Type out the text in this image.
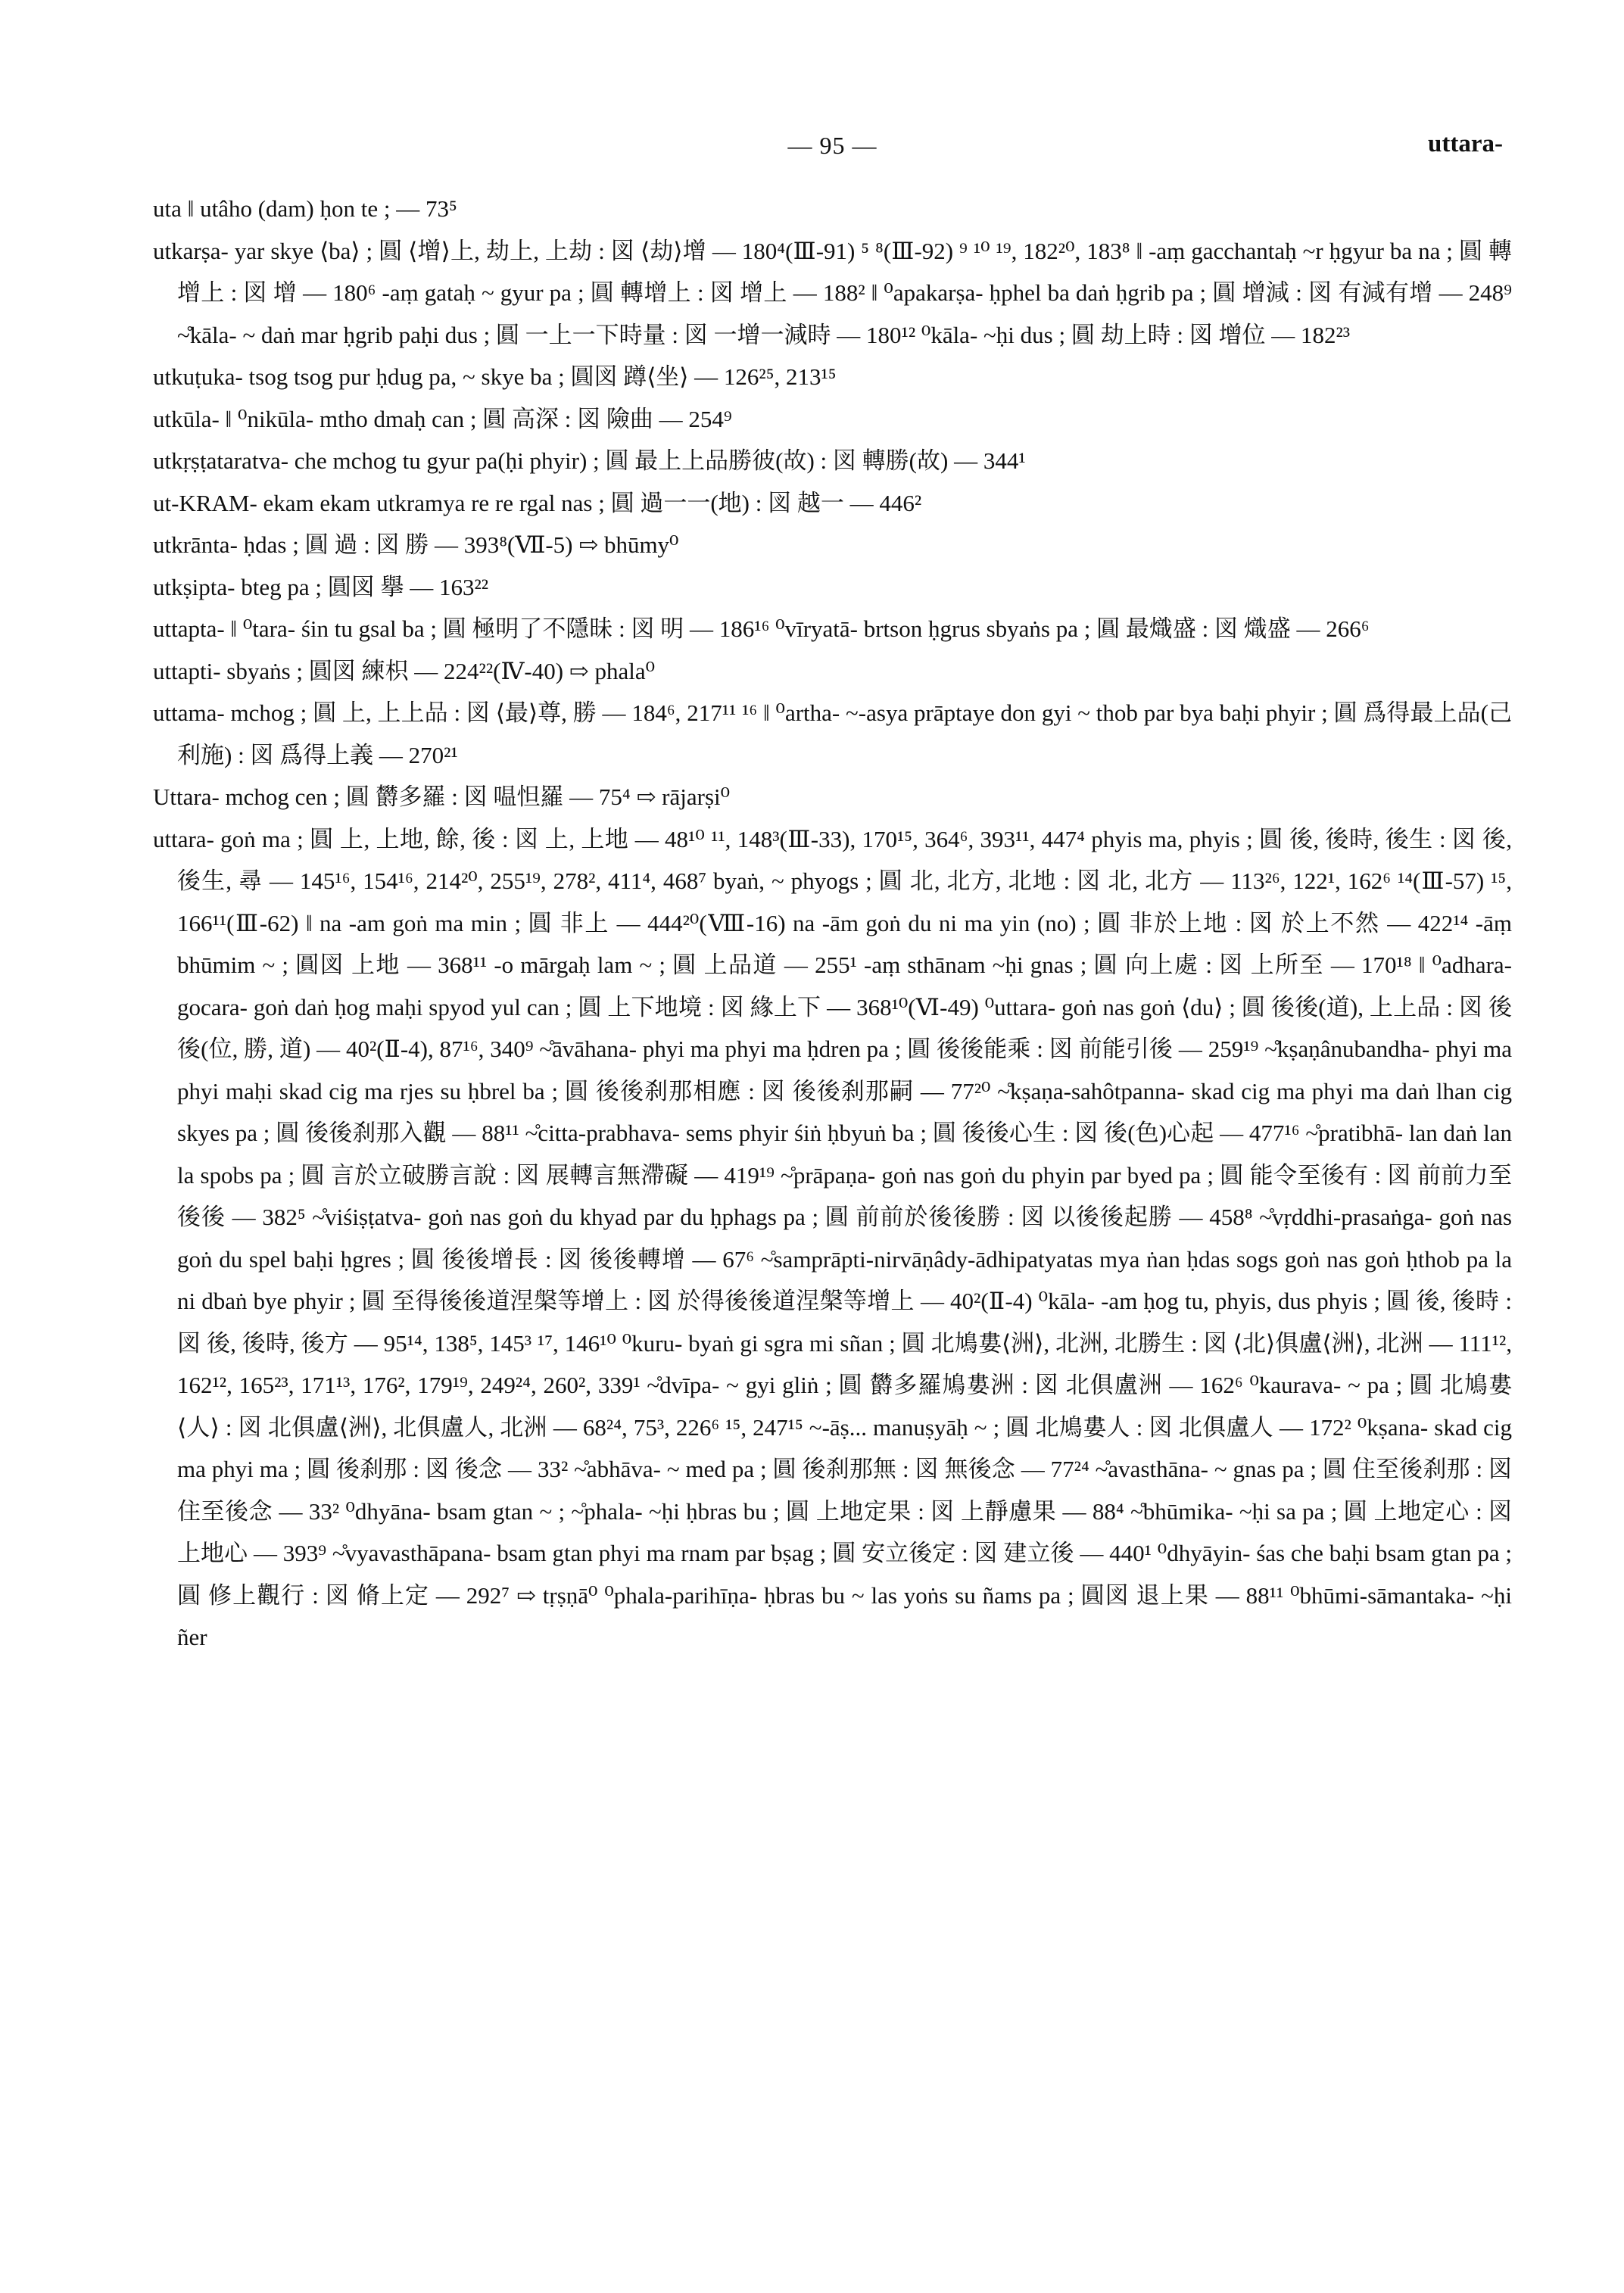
— 95 —	uttara-

uta ‖ utâho (dam) ḥon te ; — 73⁵

utkarṣa- yar skye ⟨ba⟩ ; 圓 ⟨增⟩上, 劫上, 上劫 : 図 ⟨劫⟩增 — 180⁴(Ⅲ-91) ⁵ ⁸(Ⅲ-92) ⁹ ¹⁰ ¹⁹, 182²⁰, 183⁸ ‖ -aṃ gacchantaḥ ~r ḥgyur ba na ; 圓 轉增上 : 図 增 — 180⁶ -aṃ gataḥ ~ gyur pa ; 圓 轉增上 : 図 增上 — 188² ‖ ⁰apakarṣa- ḥphel ba daṅ ḥgrib pa ; 圓 增減 : 図 有減有增 — 248⁹ ~̊kāla- ~ daṅ mar ḥgrib paḥi dus ; 圓 一上一下時量 : 図 一增一減時 — 180¹² ⁰kāla- ~ḥi dus ; 圓 劫上時 : 図 增位 — 182²³

utkuṭuka- tsog tsog pur ḥdug pa, ~ skye ba ; 圓図 蹲⟨坐⟩ — 126²⁵, 213¹⁵

utkūla- ‖ ⁰nikūla- mtho dmaḥ can ; 圓 高深 : 図 險曲 — 254⁹

utkṛṣṭataratva- che mchog tu gyur pa(ḥi phyir) ; 圓 最上上品勝彼(故) : 図 轉勝(故) — 344¹

ut-KRAM- ekam ekam utkramya re re rgal nas ; 圓 過一一(地) : 図 越一 — 446²

utkrānta- ḥdas ; 圓 過 : 図 勝 — 393⁸(Ⅶ-5) ⇨ bhūmy⁰

utkṣipta- bteg pa ; 圓図 擧 — 163²²

uttapta- ‖ ⁰tara- śin tu gsal ba ; 圓 極明了不隱昧 : 図 明 — 186¹⁶ ⁰vīryatā- brtson ḥgrus sbyaṅs pa ; 圓 最熾盛 : 図 熾盛 — 266⁶

uttapti- sbyaṅs ; 圓図 練枳 — 224²²(Ⅳ-40) ⇨ phala⁰

uttama- mchog ; 圓 上, 上上品 : 図 ⟨最⟩尊, 勝 — 184⁶, 217¹¹ ¹⁶ ‖ ⁰artha- ~-asya prāptaye don gyi ~ thob par bya baḥi phyir ; 圓 爲得最上品(己利施) : 図 爲得上義 — 270²¹

Uttara- mchog cen ; 圓 欝多羅 : 図 嗢怛羅 — 75⁴ ⇨ rājarṣi⁰

uttara- goṅ ma ; 圓 上, 上地, 餘, 後 : 図 上, 上地 — 48¹⁰ ¹¹, 148³(Ⅲ-33), 170¹⁵, 364⁶, 393¹¹, 447⁴ phyis ma, phyis ; 圓 後, 後時, 後生 : 図 後, 後生, 尋 — 145¹⁶, 154¹⁶, 214²⁰, 255¹⁹, 278², 411⁴, 468⁷ byaṅ, ~ phyogs ; 圓 北, 北方, 北地 : 図 北, 北方 — 113²⁶, 122¹, 162⁶ ¹⁴(Ⅲ-57) ¹⁵, 166¹¹(Ⅲ-62) ‖ na -am goṅ ma min ; 圓 非上 — 444²⁰(Ⅷ-16) na -ām goṅ du ni ma yin (no) ; 圓 非於上地 : 図 於上不然 — 422¹⁴ -āṃ bhūmim ~ ; 圓図 上地 — 368¹¹ -o mārgaḥ lam ~ ; 圓 上品道 — 255¹ -aṃ sthānam ~ḥi gnas ; 圓 向上處 : 図 上所至 — 170¹⁸ ‖ ⁰adhara-gocara- goṅ daṅ ḥog maḥi spyod yul can ; 圓 上下地境 : 図 緣上下 — 368¹⁰(Ⅵ-49) ⁰uttara- goṅ nas goṅ ⟨du⟩ ; 圓 後後(道), 上上品 : 図 後後(位, 勝, 道) — 40²(Ⅱ-4), 87¹⁶, 340⁹ ~̊āvāhana- phyi ma phyi ma ḥdren pa ; 圓 後後能乘 : 図 前能引後 — 259¹⁹ ~̊kṣaṇânubandha- phyi ma phyi maḥi skad cig ma rjes su ḥbrel ba ; 圓 後後刹那相應 : 図 後後刹那嗣 — 77²⁰ ~̊kṣaṇa-sahôtpanna- skad cig ma phyi ma daṅ lhan cig skyes pa ; 圓 後後刹那入觀 — 88¹¹ ~̊citta-prabhava- sems phyir śiṅ ḥbyuṅ ba ; 圓 後後心生 : 図 後(色)心起 — 477¹⁶ ~̊pratibhā- lan daṅ lan la spobs pa ; 圓 言於立破勝言說 : 図 展轉言無滯礙 — 419¹⁹ ~̊prāpaṇa- goṅ nas goṅ du phyin par byed pa ; 圓 能令至後有 : 図 前前力至後後 — 382⁵ ~̊viśiṣṭatva- goṅ nas goṅ du khyad par du ḥphags pa ; 圓 前前於後後勝 : 図 以後後起勝 — 458⁸ ~̊vṛddhi-prasaṅga- goṅ nas goṅ du spel baḥi ḥgres ; 圓 後後增長 : 図 後後轉增 — 67⁶ ~̊samprāpti-nirvāṇâdy-ādhipatyatas mya ṅan ḥdas sogs goṅ nas goṅ ḥthob pa la ni dbaṅ bye phyir ; 圓 至得後後道涅槃等增上 : 図 於得後後道涅槃等增上 — 40²(Ⅱ-4) ⁰kāla- -am ḥog tu, phyis, dus phyis ; 圓 後, 後時 : 図 後, 後時, 後方 — 95¹⁴, 138⁵, 145³ ¹⁷, 146¹⁰ ⁰kuru- byaṅ gi sgra mi sñan ; 圓 北鳩婁⟨洲⟩, 北洲, 北勝生 : 図 ⟨北⟩俱盧⟨洲⟩, 北洲 — 111¹², 162¹², 165²³, 171¹³, 176², 179¹⁹, 249²⁴, 260², 339¹ ~̊dvīpa- ~ gyi gliṅ ; 圓 欝多羅鳩婁洲 : 図 北俱盧洲 — 162⁶ ⁰kaurava- ~ pa ; 圓 北鳩婁⟨人⟩ : 図 北俱盧⟨洲⟩, 北俱盧人, 北洲 — 68²⁴, 75³, 226⁶ ¹⁵, 247¹⁵ ~-āṣ... manuṣyāḥ ~ ; 圓 北鳩婁人 : 図 北俱盧人 — 172² ⁰kṣana- skad cig ma phyi ma ; 圓 後刹那 : 図 後念 — 33² ~̊abhāva- ~ med pa ; 圓 後刹那無 : 図 無後念 — 77²⁴ ~̊avasthāna- ~ gnas pa ; 圓 住至後刹那 : 図 住至後念 — 33² ⁰dhyāna- bsam gtan ~ ; ~̊phala- ~ḥi ḥbras bu ; 圓 上地定果 : 図 上靜慮果 — 88⁴ ~̊bhūmika- ~ḥi sa pa ; 圓 上地定心 : 図 上地心 — 393⁹ ~̊vyavasthāpana- bsam gtan phyi ma rnam par bṣag ; 圓 安立後定 : 図 建立後 — 440¹ ⁰dhyāyin- śas che baḥi bsam gtan pa ; 圓 修上觀行 : 図 脩上定 — 292⁷ ⇨ tṛṣṇā⁰ ⁰phala-parihīṇa- ḥbras bu ~ las yoṅs su ñams pa ; 圓図 退上果 — 88¹¹ ⁰bhūmi-sāmantaka- ~ḥi ñer
